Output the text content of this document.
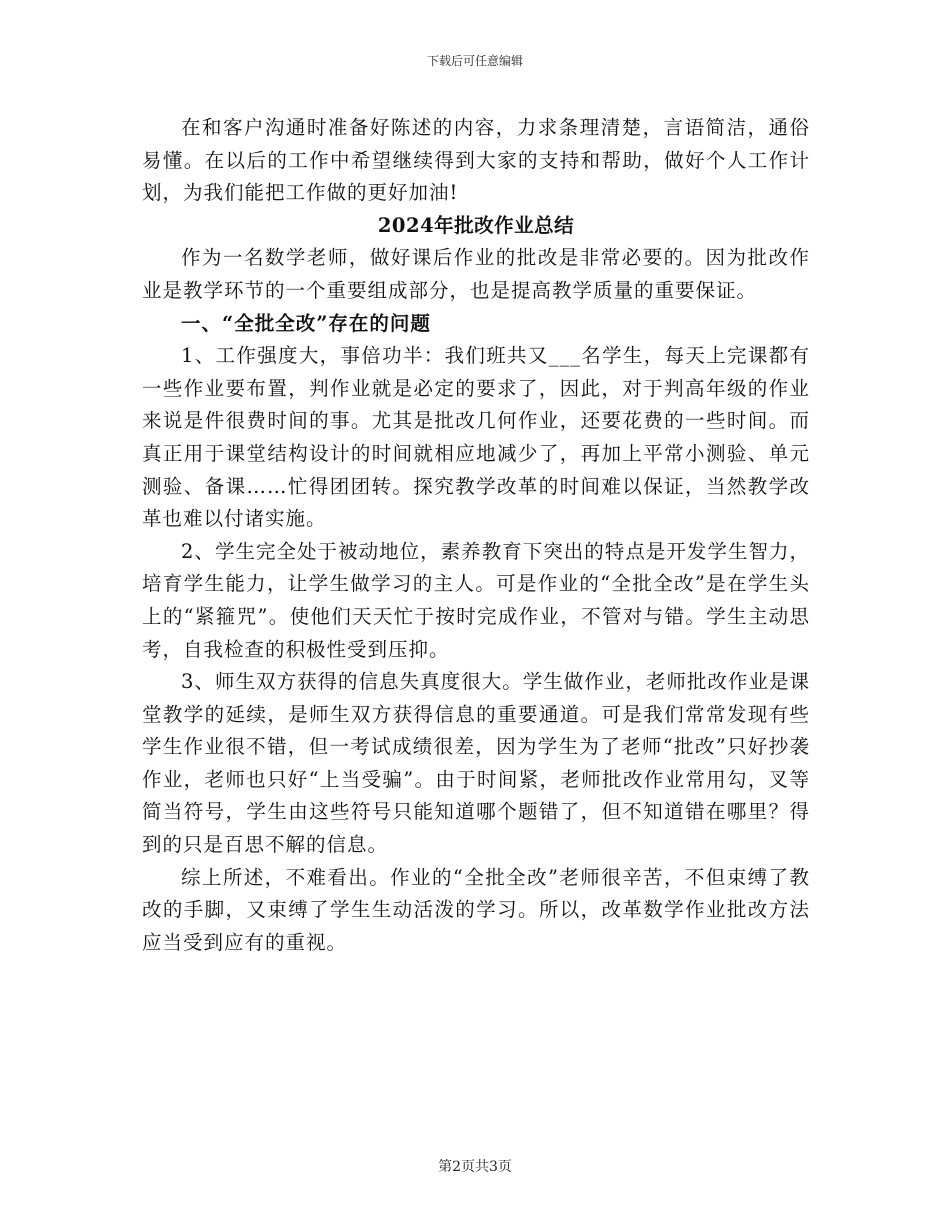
下载后可任意编辑

在和客户沟通时准备好陈述的内容，力求条理清楚，言语简洁，通俗易懂。在以后的工作中希望继续得到大家的支持和帮助，做好个人工作计划，为我们能把工作做的更好加油!

2024年批改作业总结

作为一名数学老师，做好课后作业的批改是非常必要的。因为批改作业是教学环节的一个重要组成部分，也是提高教学质量的重要保证。

一、“全批全改”存在的问题

1、工作强度大，事倍功半：我们班共又___名学生，每天上完课都有一些作业要布置，判作业就是必定的要求了，因此，对于判高年级的作业来说是件很费时间的事。尤其是批改几何作业，还要花费的一些时间。而真正用于课堂结构设计的时间就相应地减少了，再加上平常小测验、单元测验、备课……忙得团团转。探究教学改革的时间难以保证，当然教学改革也难以付诸实施。

2、学生完全处于被动地位，素养教育下突出的特点是开发学生智力，培育学生能力，让学生做学习的主人。可是作业的“全批全改”是在学生头上的“紧箍咒”。使他们天天忙于按时完成作业，不管对与错。学生主动思考，自我检查的积极性受到压抑。

3、师生双方获得的信息失真度很大。学生做作业，老师批改作业是课堂教学的延续，是师生双方获得信息的重要通道。可是我们常常发现有些学生作业很不错，但一考试成绩很差，因为学生为了老师“批改”只好抄袭作业，老师也只好“上当受骗”。由于时间紧，老师批改作业常用勾，叉等简当符号，学生由这些符号只能知道哪个题错了，但不知道错在哪里？得到的只是百思不解的信息。

综上所述，不难看出。作业的“全批全改”老师很辛苦，不但束缚了教改的手脚，又束缚了学生生动活泼的学习。所以，改革数学作业批改方法应当受到应有的重视。

第2页共3页
